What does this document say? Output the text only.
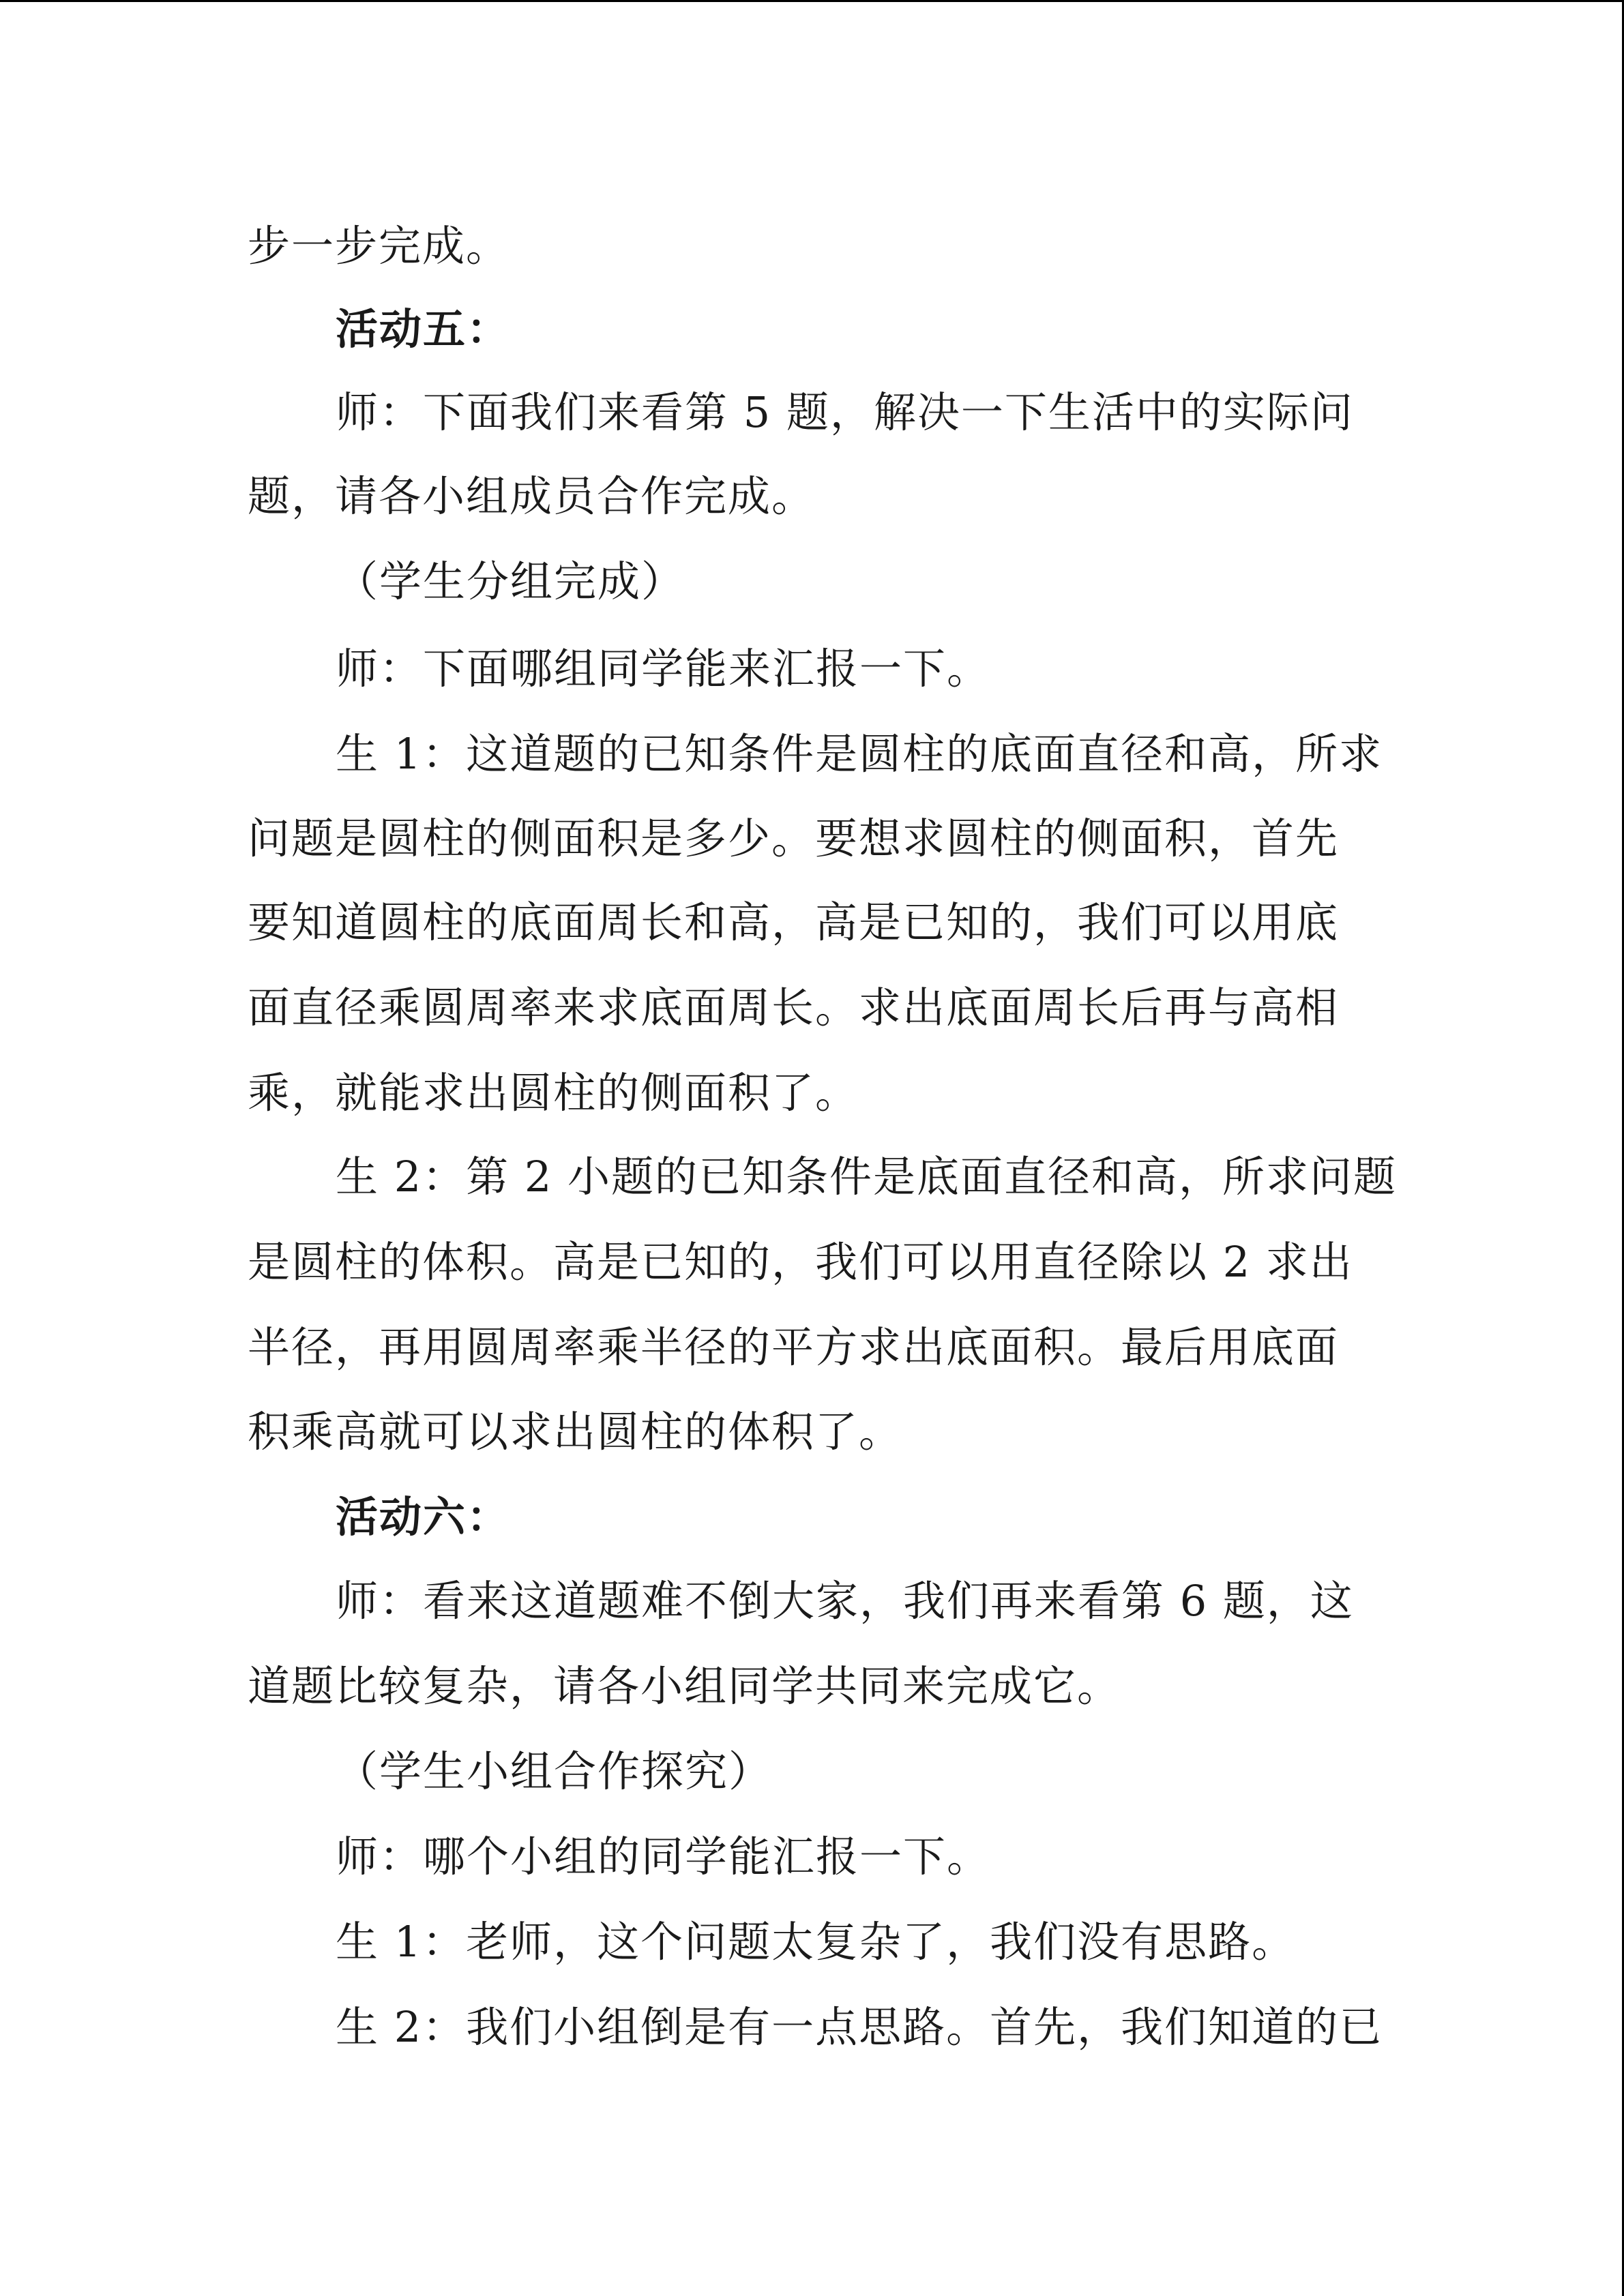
步一步完成。
活动五：
师：下面我们来看第 5 题，解决一下生活中的实际问
题，请各小组成员合作完成。
（学生分组完成）
师：下面哪组同学能来汇报一下。
生 1：这道题的已知条件是圆柱的底面直径和高，所求
问题是圆柱的侧面积是多少。要想求圆柱的侧面积，首先
要知道圆柱的底面周长和高，高是已知的，我们可以用底
面直径乘圆周率来求底面周长。求出底面周长后再与高相
乘，就能求出圆柱的侧面积了。
生 2：第 2 小题的已知条件是底面直径和高，所求问题
是圆柱的体积。高是已知的，我们可以用直径除以 2 求出
半径，再用圆周率乘半径的平方求出底面积。最后用底面
积乘高就可以求出圆柱的体积了。
活动六：
师：看来这道题难不倒大家，我们再来看第 6 题，这
道题比较复杂，请各小组同学共同来完成它。
（学生小组合作探究）
师：哪个小组的同学能汇报一下。
生 1：老师，这个问题太复杂了，我们没有思路。
生 2：我们小组倒是有一点思路。首先，我们知道的已
